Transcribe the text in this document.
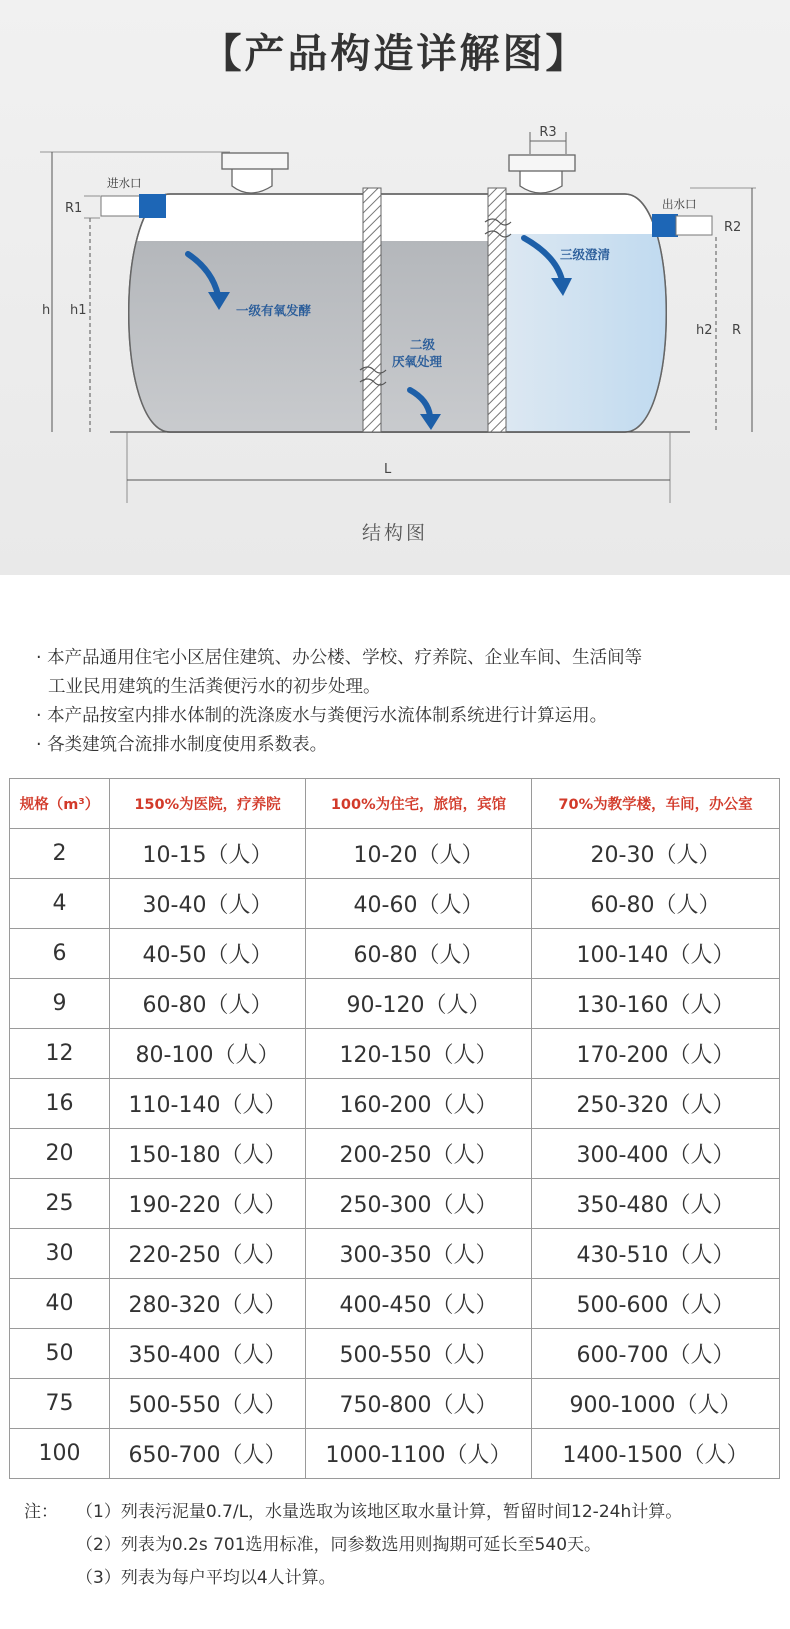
【产品构造详解图】
R3
进水口
R1	出水口
R2
h h1
h2 R
L
一级有氧发酵
二级
厌氧处理
三级澄清
结构图
· 本产品通用住宅小区居住建筑、办公楼、学校、疗养院、企业车间、生活间等
工业民用建筑的生活粪便污水的初步处理。
· 本产品按室内排水体制的洗涤废水与粪便污水流体制系统进行计算运用。
· 各类建筑合流排水制度使用系数表。
规格（m³）	150%为医院，疗养院	100%为住宅，旅馆，宾馆	70%为教学楼，车间，办公室
2	10-15（人）	10-20（人）	20-30（人）
4	30-40（人）	40-60（人）	60-80（人）
6	40-50（人）	60-80（人）	100-140（人）
9	60-80（人）	90-120（人）	130-160（人）
12	80-100（人）	120-150（人）	170-200（人）
16	110-140（人）	160-200（人）	250-320（人）
20	150-180（人）	200-250（人）	300-400（人）
25	190-220（人）	250-300（人）	350-480（人）
30	220-250（人）	300-350（人）	430-510（人）
40	280-320（人）	400-450（人）	500-600（人）
50	350-400（人）	500-550（人）	600-700（人）
75	500-550（人）	750-800（人）	900-1000（人）
100	650-700（人）	1000-1100（人）	1400-1500（人）
注： （1）列表污泥量0.7/L，水量选取为该地区取水量计算，暂留时间12-24h计算。
（2）列表为0.2s 701选用标准，同参数选用则掏期可延长至540天。
（3）列表为每户平均以4人计算。
